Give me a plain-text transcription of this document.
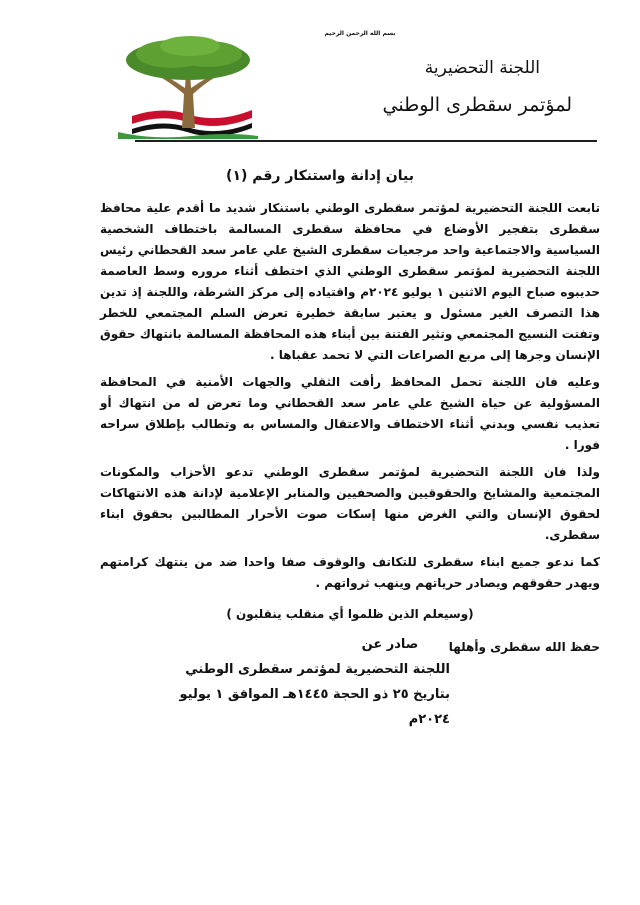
بسم الله الرحمن الرحيم
اللجنة التحضيرية
لمؤتمر سقطرى الوطني
بيان إدانة واستنكار رقم (١)

تابعت اللجنة التحضيرية لمؤتمر سقطرى الوطني باستنكار شديد ما أقدم علية محافظ سقطرى بتفجير الأوضاع في محافظة سقطرى المسالمة باختطاف الشخصية السياسية والاجتماعية واحد مرجعيات سقطرى الشيخ علي عامر سعد القحطاني رئيس اللجنة التحضيرية لمؤتمر سقطرى الوطني الذي اختطف أثناء مروره وسط العاصمة حديبوه صباح اليوم الاثنين ١ يوليو ٢٠٢٤م واقتياده إلى مركز الشرطة، واللجنة إذ تدين هذا التصرف الغير مسئول و يعتبر سابقة خطيرة تعرض السلم المجتمعي للخطر وتفتت النسيج المجتمعي وتثير الفتنة بين أبناء هذه المحافظة المسالمة بانتهاك حقوق الإنسان وجرها إلى مربع الصراعات التي لا تحمد عقباها .

وعليه فان اللجنة تحمل المحافظ رأفت الثقلي والجهات الأمنية في المحافظة المسؤولية عن حياة الشيخ علي عامر سعد القحطاني وما تعرض له من انتهاك أو تعذيب نفسي وبدني أثناء الاختطاف والاعتقال والمساس به وتطالب بإطلاق سراحه فورا .

ولذا فان اللجنة التحضيرية لمؤتمر سقطرى الوطني تدعو الأحزاب والمكونات المجتمعية والمشايخ والحقوقيين والصحفيين والمنابر الإعلامية لإدانة هذه الانتهاكات لحقوق الإنسان والتي الغرض منها إسكات صوت الأحرار المطالبين بحقوق ابناء سقطرى.

كما ندعو جميع ابناء سقطرى للتكاتف والوقوف صفا واحدا ضد من ينتهك كرامتهم ويهدر حقوقهم ويصادر حرياتهم وينهب ثرواتهم .

(وسيعلم الذين ظلموا أي منقلب ينقلبون )

حفظ الله سقطرى وأهلها

صادر عن
اللجنة التحضيرية لمؤتمر سقطرى الوطني
بتاريخ ٢٥ ذو الحجة ١٤٤٥هـ الموافق ١ يوليو ٢٠٢٤م
